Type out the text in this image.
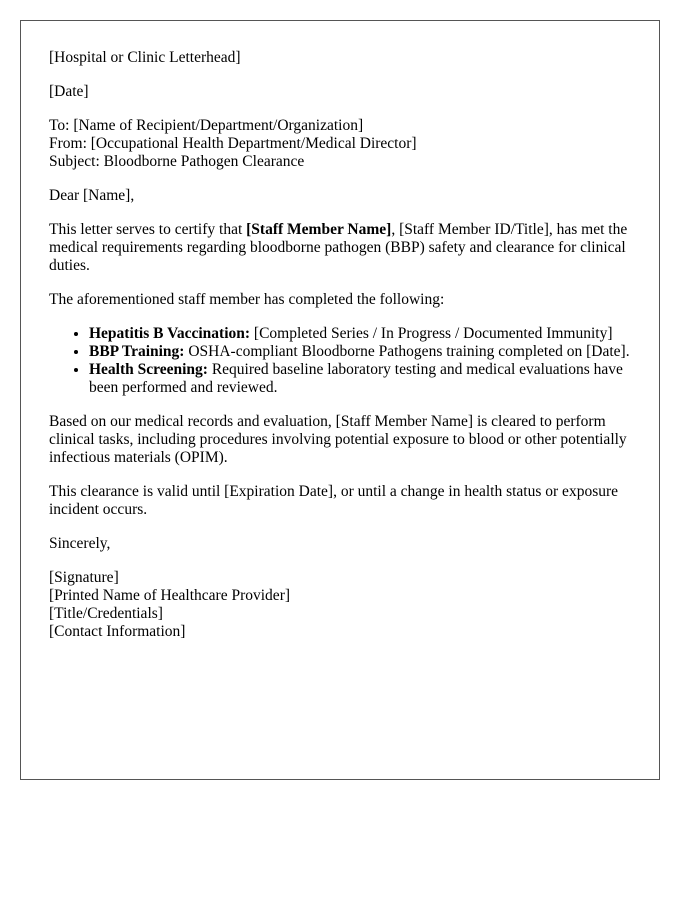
[Hospital or Clinic Letterhead]

[Date]

To: [Name of Recipient/Department/Organization]

From: [Occupational Health Department/Medical Director]

Subject: Bloodborne Pathogen Clearance

Dear [Name],

This letter serves to certify that [Staff Member Name], [Staff Member ID/Title], has met the medical requirements regarding bloodborne pathogen (BBP) safety and clearance for clinical duties.

The aforementioned staff member has completed the following:

• Hepatitis B Vaccination: [Completed Series / In Progress / Documented Immunity]
• BBP Training: OSHA-compliant Bloodborne Pathogens training completed on [Date].
• Health Screening: Required baseline laboratory testing and medical evaluations have been performed and reviewed.

Based on our medical records and evaluation, [Staff Member Name] is cleared to perform clinical tasks, including procedures involving potential exposure to blood or other potentially infectious materials (OPIM).

This clearance is valid until [Expiration Date], or until a change in health status or exposure incident occurs.

Sincerely,

[Signature]

[Printed Name of Healthcare Provider]

[Title/Credentials]

[Contact Information]
